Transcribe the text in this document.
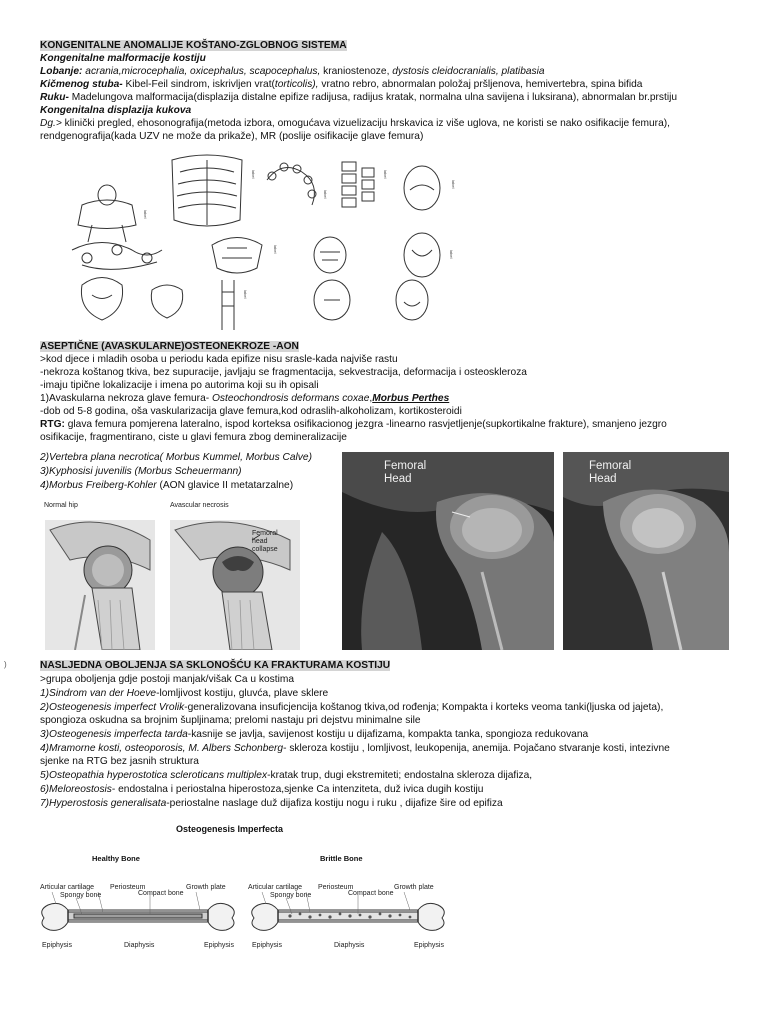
KONGENITALNE ANOMALIJE KOŠTANO-ZGLOBNOG SISTEMA
Kongenitalne malformacije kostiju
Lobanje: acrania,microcephalia, oxicephalus, scapocephalus, kraniostenoze, dystosis cleidocranialis, platibasia
Kičmenog stuba- Kibel-Feil sindrom, iskrivljen vrat(torticolis), vratno rebro, abnormalan položaj pršljenova, hemivertebra, spina bifida
Ruku- Madelungova malformacija(displazija distalne epifize radijusa, radijus kratak, normalna ulna savijena i luksirana), abnormalan br.prstiju
Kongenitalna displazija kukova
Dg.> klinički pregled, ehosonografija(metoda izbora, omogućava vizuelizaciju hrskavica iz više uglova, ne koristi se nako osifikacije femura),
rendgenografija(kada UZV ne može da prikaže), MR (poslije osifikacije glave femura)
label
label
label
label
label
label
label
label
ASEPTIČNE (AVASKULARNE)OSTEONEKROZE -AON
>kod djece i mladih osoba u periodu kada epifize nisu srasle-kada najviše rastu
-nekroza koštanog tkiva, bez supuracije, javljaju se fragmentacija, sekvestracija, deformacija i osteoskleroza
-imaju tipične lokalizacije i imena po autorima koji su ih opisali
1)Avaskularna nekroza glave femura- Osteochondrosis deformans coxae,Morbus Perthes
-dob od 5-8 godina, oša vaskularizacija glave femura,kod odraslih-alkoholizam, kortikosteroidi
RTG: glava femura pomjerena lateralno, ispod korteksa osifikacionog jezgra -linearno rasvjetljenje(supkortikalne frakture), smanjeno jezgro
osifikacije, fragmentirano, ciste u glavi femura zbog demineralizacije
2)Vertebra plana necrotica( Morbus Kummel, Morbus Calve)
3)Kyphosisi juvenilis (Morbus Scheuermann)
4)Morbus Freiberg-Kohler (AON glavice II metatarzalne)
Normal hip	Avascular necrosis
Femoral head collapse
Femoral
Head
Femoral
Head
)	NASLJEDNA OBOLJENJA SA SKLONOŠĆU KA FRAKTURAMA KOSTIJU
>grupa oboljenja gdje postoji manjak/višak Ca u kostima
1)Sindrom van der Hoeve-lomljivost kostiju, gluvća, plave sklere
2)Osteogenesis imperfect Vrolik-generalizovana insuficjencija koštanog tkiva,od rođenja; Kompakta i korteks veoma tanki(ljuska od jajeta),
spongioza oskudna sa brojnim šupljinama; prelomi nastaju pri dejstvu minimalne sile
3)Osteogenesis imperfecta tarda-kasnije se javlja, savijenost kostiju u dijafizama, kompakta tanka, spongioza redukovana
4)Mramorne kosti, osteoporosis, M. Albers Schonberg- skleroza kostiju , lomljivost, leukopenija, anemija. Pojačano stvaranje kosti, intezivne
sjenke na RTG bez jasnih struktura
5)Osteopathia hyperostotica scleroticans multiplex-kratak trup, dugi ekstremiteti; endostalna skleroza dijafiza,
6)Meloreostosis- endostalna i periostalna hiperostoza,sjenke Ca intenziteta, duž ivica dugih kostiju
7)Hyperostosis generalisata-periostalne naslage duž dijafiza kostiju nogu i ruku , dijafize šire od epifiza
Osteogenesis Imperfecta
Healthy Bone	Brittle Bone
Articular cartilage Periosteum
Compact bone
Growth plate
Spongy bone
Articular cartilage Periosteum
Compact bone
Growth plate
Spongy bone
Epiphysis	Diaphysis	Epiphysis	Epiphysis	Diaphysis	Epiphysis
